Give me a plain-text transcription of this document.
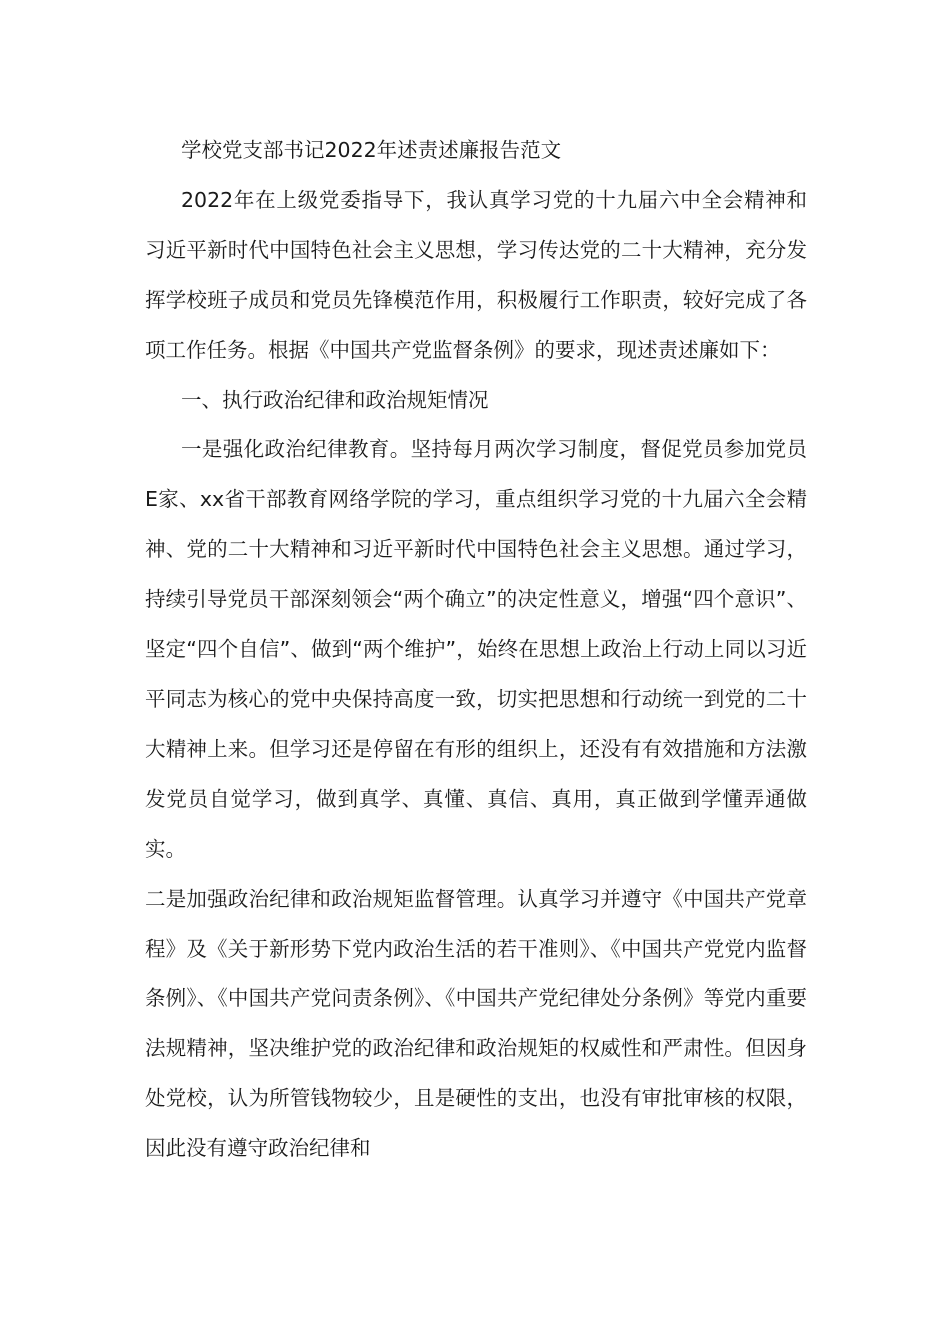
学校党支部书记2022年述责述廉报告范文

2022年在上级党委指导下，我认真学习党的十九届六中全会精神和习近平新时代中国特色社会主义思想，学习传达党的二十大精神，充分发挥学校班子成员和党员先锋模范作用，积极履行工作职责，较好完成了各项工作任务。根据《中国共产党监督条例》的要求，现述责述廉如下：

一、执行政治纪律和政治规矩情况

一是强化政治纪律教育。坚持每月两次学习制度，督促党员参加党员E家、xx省干部教育网络学院的学习，重点组织学习党的十九届六全会精神、党的二十大精神和习近平新时代中国特色社会主义思想。通过学习，持续引导党员干部深刻领会“两个确立”的决定性意义，增强“四个意识”、坚定“四个自信”、做到“两个维护”，始终在思想上政治上行动上同以习近平同志为核心的党中央保持高度一致，切实把思想和行动统一到党的二十大精神上来。但学习还是停留在有形的组织上，还没有有效措施和方法激发党员自觉学习，做到真学、真懂、真信、真用，真正做到学懂弄通做实。

二是加强政治纪律和政治规矩监督管理。认真学习并遵守《中国共产党章程》及《关于新形势下党内政治生活的若干准则》、《中国共产党党内监督条例》、《中国共产党问责条例》、《中国共产党纪律处分条例》等党内重要法规精神，坚决维护党的政治纪律和政治规矩的权威性和严肃性。但因身处党校，认为所管钱物较少，且是硬性的支出，也没有审批审核的权限，因此没有遵守政治纪律和
